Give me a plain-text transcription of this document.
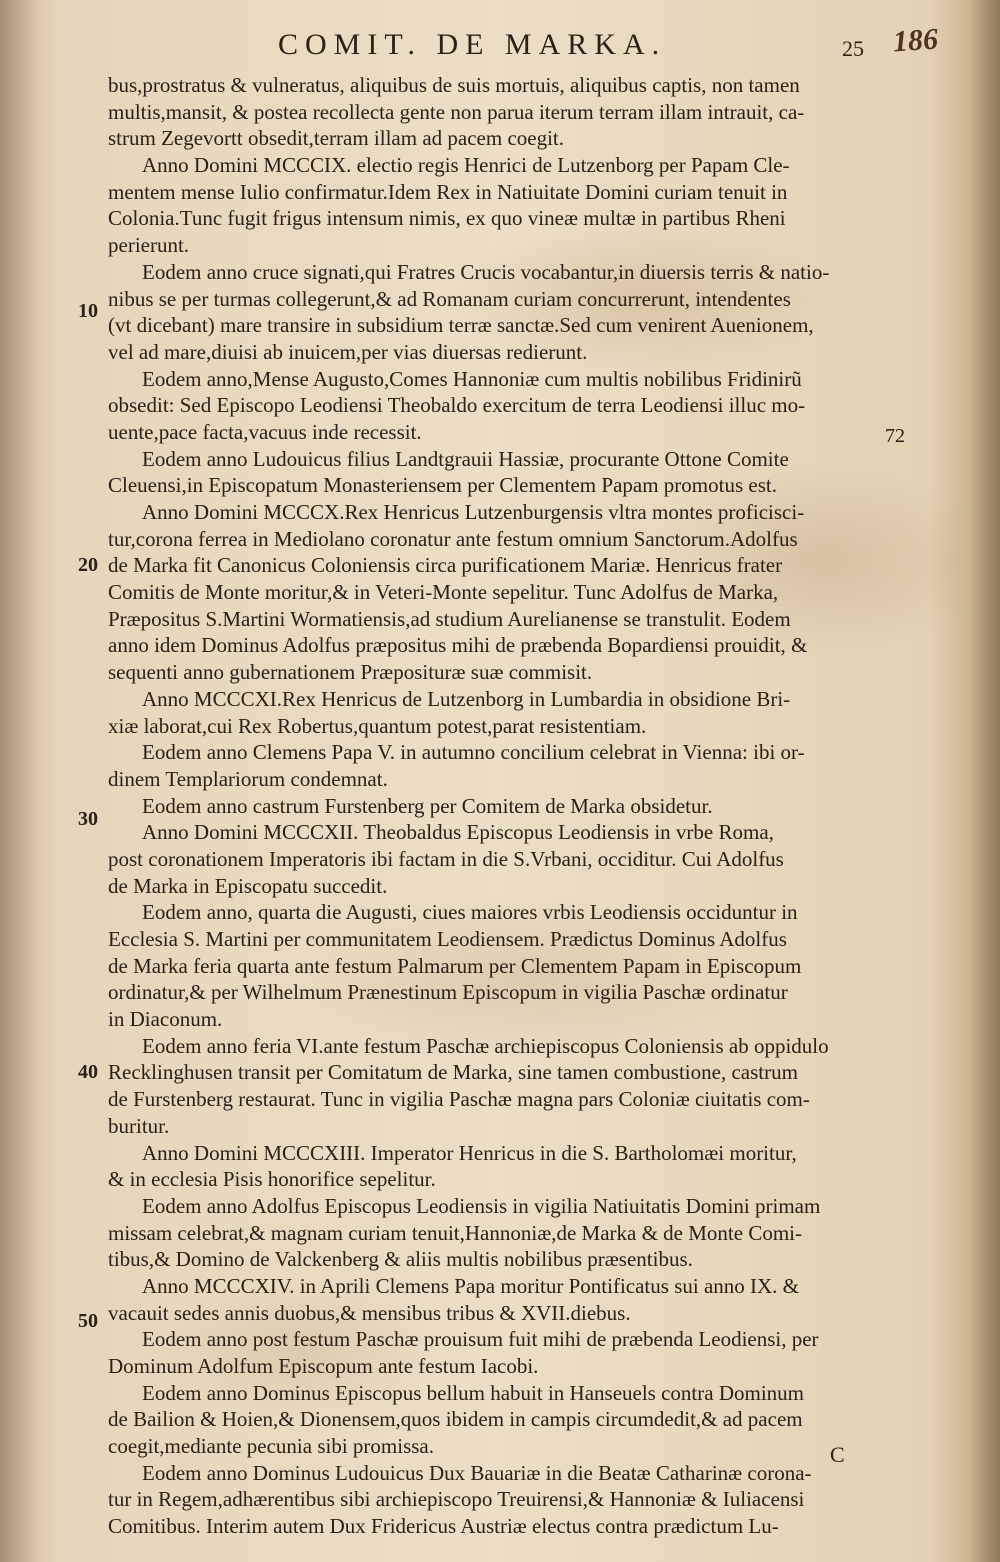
COMIT. DE MARKA.	25 186
10
20
30
40
50
72
bus,prostratus & vulneratus, aliquibus de suis mortuis, aliquibus captis, non tamen
multis,mansit, & postea recollecta gente non parua iterum terram illam intrauit, ca-
strum Zegevortt obsedit,terram illam ad pacem coegit.
Anno Domini MCCCIX. electio regis Henrici de Lutzenborg per Papam Cle-
mentem mense Iulio confirmatur.Idem Rex in Natiuitate Domini curiam tenuit in
Colonia.Tunc fugit frigus intensum nimis, ex quo vineæ multæ in partibus Rheni
perierunt.
Eodem anno cruce signati,qui Fratres Crucis vocabantur,in diuersis terris & natio-
nibus se per turmas collegerunt,& ad Romanam curiam concurrerunt, intendentes
(vt dicebant) mare transire in subsidium terræ sanctæ.Sed cum venirent Auenionem,
vel ad mare,diuisi ab inuicem,per vias diuersas redierunt.
Eodem anno,Mense Augusto,Comes Hannoniæ cum multis nobilibus Fridinirũ
obsedit: Sed Episcopo Leodiensi Theobaldo exercitum de terra Leodiensi illuc mo-
uente,pace facta,vacuus inde recessit.
Eodem anno Ludouicus filius Landtgrauii Hassiæ, procurante Ottone Comite
Cleuensi,in Episcopatum Monasteriensem per Clementem Papam promotus est.
Anno Domini MCCCX.Rex Henricus Lutzenburgensis vltra montes proficisci-
tur,corona ferrea in Mediolano coronatur ante festum omnium Sanctorum.Adolfus
de Marka fit Canonicus Coloniensis circa purificationem Mariæ. Henricus frater
Comitis de Monte moritur,& in Veteri-Monte sepelitur. Tunc Adolfus de Marka,
Præpositus S.Martini Wormatiensis,ad studium Aurelianense se transtulit. Eodem
anno idem Dominus Adolfus præpositus mihi de præbenda Bopardiensi prouidit, &
sequenti anno gubernationem Præposituræ suæ commisit.
Anno MCCCXI.Rex Henricus de Lutzenborg in Lumbardia in obsidione Bri-
xiæ laborat,cui Rex Robertus,quantum potest,parat resistentiam.
Eodem anno Clemens Papa V. in autumno concilium celebrat in Vienna: ibi or-
dinem Templariorum condemnat.
Eodem anno castrum Furstenberg per Comitem de Marka obsidetur.
Anno Domini MCCCXII. Theobaldus Episcopus Leodiensis in vrbe Roma,
post coronationem Imperatoris ibi factam in die S.Vrbani, occiditur. Cui Adolfus
de Marka in Episcopatu succedit.
Eodem anno, quarta die Augusti, ciues maiores vrbis Leodiensis occiduntur in
Ecclesia S. Martini per communitatem Leodiensem. Prædictus Dominus Adolfus
de Marka feria quarta ante festum Palmarum per Clementem Papam in Episcopum
ordinatur,& per Wilhelmum Prænestinum Episcopum in vigilia Paschæ ordinatur
in Diaconum.
Eodem anno feria VI.ante festum Paschæ archiepiscopus Coloniensis ab oppidulo
Recklinghusen transit per Comitatum de Marka, sine tamen combustione, castrum
de Furstenberg restaurat. Tunc in vigilia Paschæ magna pars Coloniæ ciuitatis com-
buritur.
Anno Domini MCCCXIII. Imperator Henricus in die S. Bartholomæi moritur,
& in ecclesia Pisis honorifice sepelitur.
Eodem anno Adolfus Episcopus Leodiensis in vigilia Natiuitatis Domini primam
missam celebrat,& magnam curiam tenuit,Hannoniæ,de Marka & de Monte Comi-
tibus,& Domino de Valckenberg & aliis multis nobilibus præsentibus.
Anno MCCCXIV. in Aprili Clemens Papa moritur Pontificatus sui anno IX. &
vacauit sedes annis duobus,& mensibus tribus & XVII.diebus.
Eodem anno post festum Paschæ prouisum fuit mihi de præbenda Leodiensi, per
Dominum Adolfum Episcopum ante festum Iacobi.
Eodem anno Dominus Episcopus bellum habuit in Hanseuels contra Dominum
de Bailion & Hoien,& Dionensem,quos ibidem in campis circumdedit,& ad pacem
coegit,mediante pecunia sibi promissa.
Eodem anno Dominus Ludouicus Dux Bauariæ in die Beatæ Catharinæ corona-
tur in Regem,adhærentibus sibi archiepiscopo Treuirensi,& Hannoniæ & Iuliacensi
Comitibus. Interim autem Dux Fridericus Austriæ electus contra prædictum Lu-
C
